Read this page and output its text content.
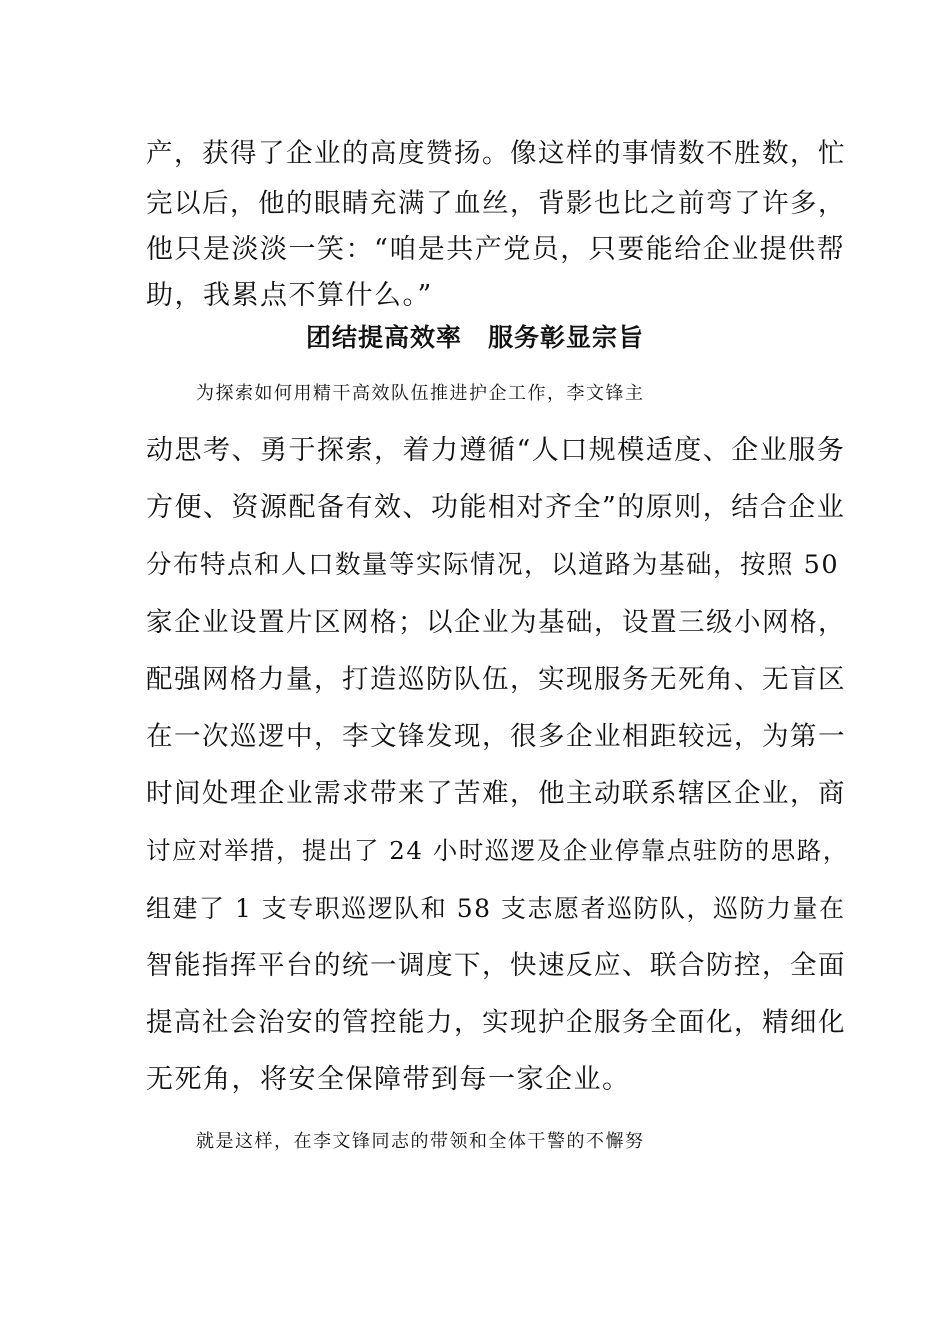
产，获得了企业的高度赞扬。像这样的事情数不胜数，忙
完以后，他的眼睛充满了血丝，背影也比之前弯了许多，
他只是淡淡一笑：“咱是共产党员，只要能给企业提供帮
助，我累点不算什么。”
团结提高效率　服务彰显宗旨
为探索如何用精干高效队伍推进护企工作，李文锋主
动思考、勇于探索，着力遵循“人口规模适度、企业服务
方便、资源配备有效、功能相对齐全”的原则，结合企业
分布特点和人口数量等实际情况，以道路为基础，按照 50
家企业设置片区网格；以企业为基础，设置三级小网格，
配强网格力量，打造巡防队伍，实现服务无死角、无盲区
在一次巡逻中，李文锋发现，很多企业相距较远，为第一
时间处理企业需求带来了苦难，他主动联系辖区企业，商
讨应对举措，提出了 24 小时巡逻及企业停靠点驻防的思路，
组建了 1 支专职巡逻队和 58 支志愿者巡防队，巡防力量在
智能指挥平台的统一调度下，快速反应、联合防控，全面
提高社会治安的管控能力，实现护企服务全面化，精细化
无死角，将安全保障带到每一家企业。
就是这样，在李文锋同志的带领和全体干警的不懈努
